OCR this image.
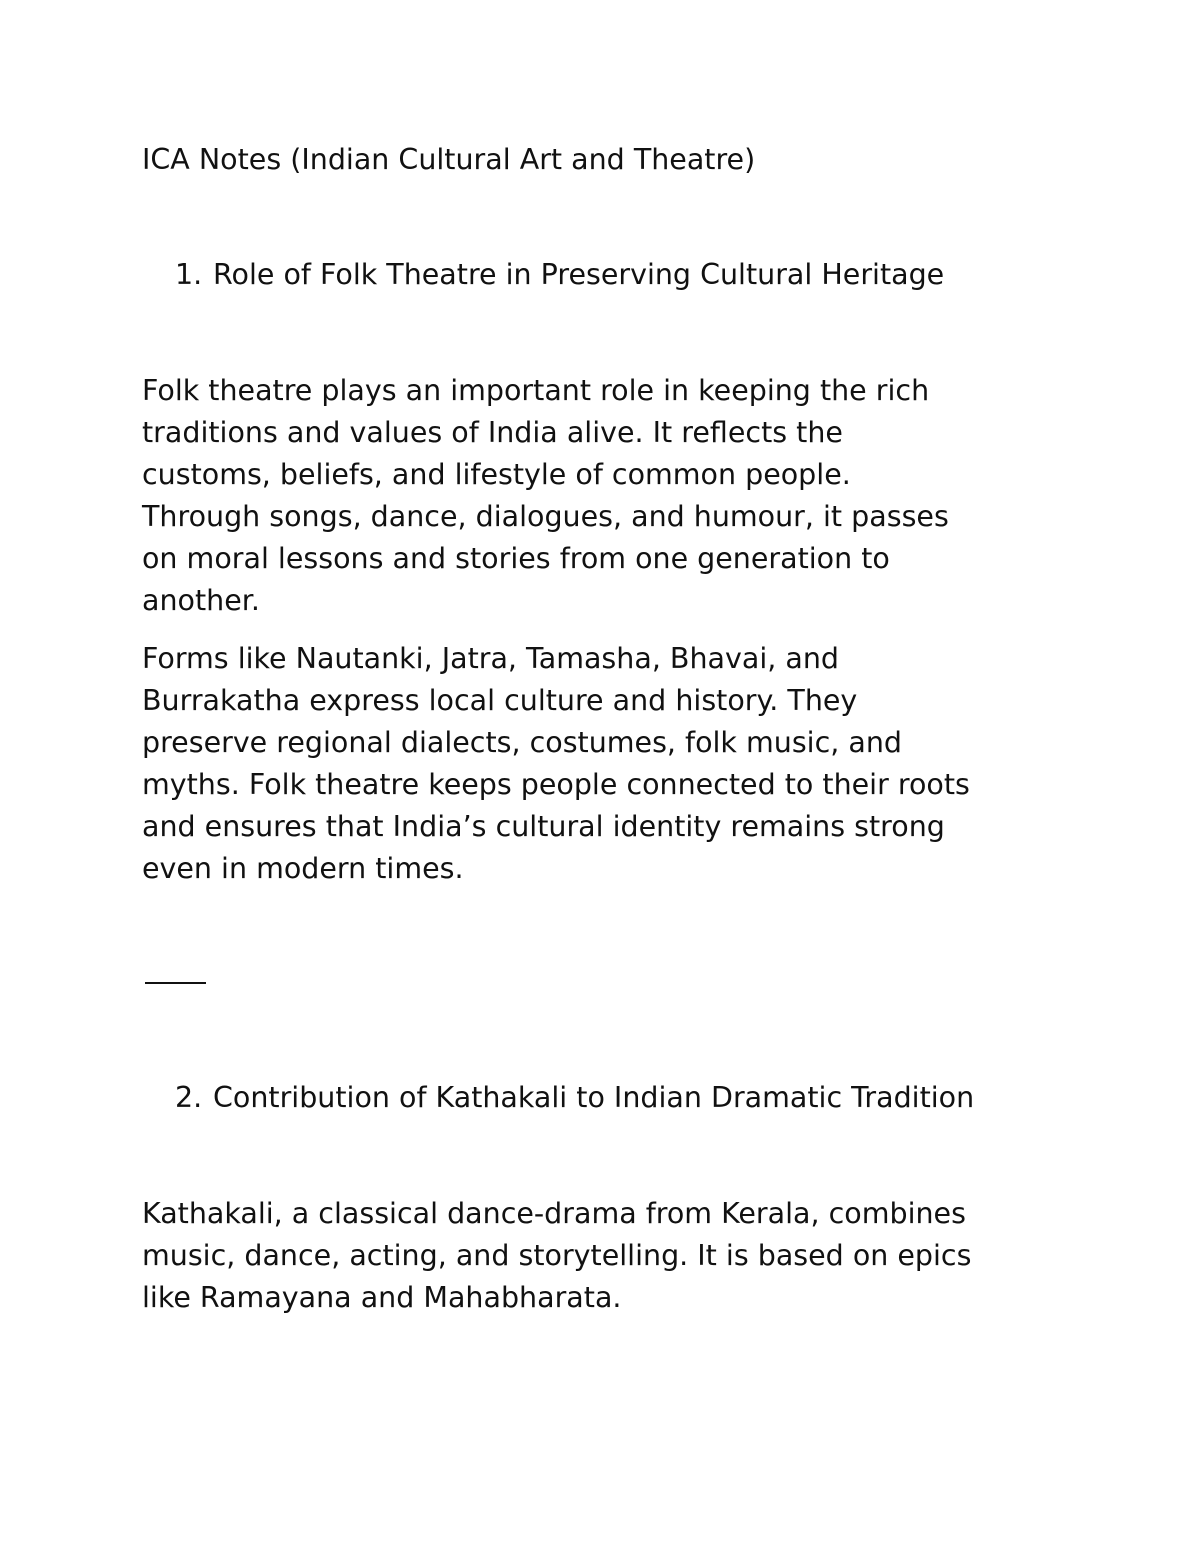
ICA Notes (Indian Cultural Art and Theatre)
1. Role of Folk Theatre in Preserving Cultural Heritage

Folk theatre plays an important role in keeping the rich
traditions and values of India alive. It reflects the
customs, beliefs, and lifestyle of common people.
Through songs, dance, dialogues, and humour, it passes
on moral lessons and stories from one generation to
another.

Forms like Nautanki, Jatra, Tamasha, Bhavai, and
Burrakatha express local culture and history. They
preserve regional dialects, costumes, folk music, and
myths. Folk theatre keeps people connected to their roots
and ensures that India’s cultural identity remains strong
even in modern times.

2. Contribution of Kathakali to Indian Dramatic Tradition

Kathakali, a classical dance-drama from Kerala, combines
music, dance, acting, and storytelling. It is based on epics
like Ramayana and Mahabharata.
